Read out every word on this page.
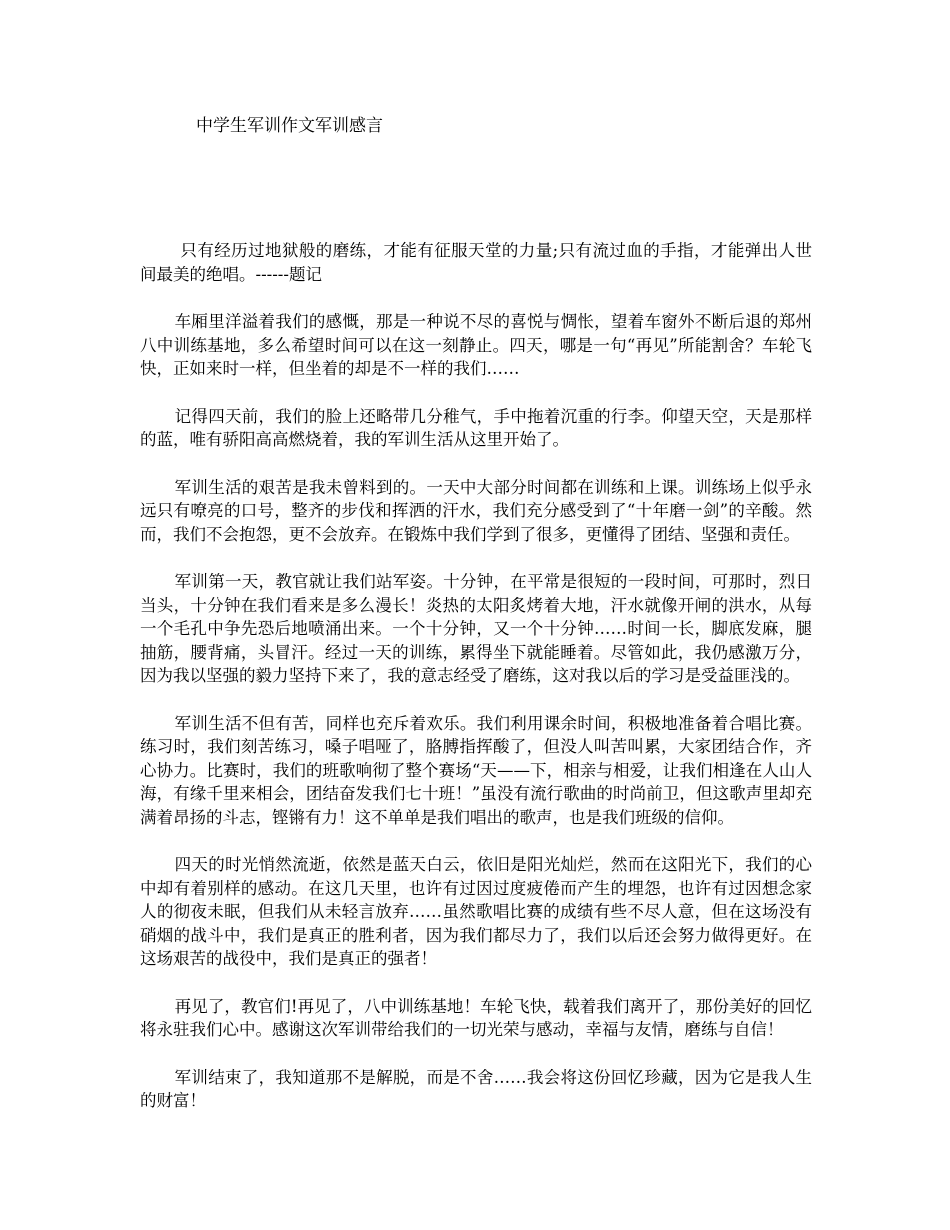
中学生军训作文军训感言

只有经历过地狱般的磨练，才能有征服天堂的力量;只有流过血的手指，才能弹出人世间最美的绝唱。------题记

车厢里洋溢着我们的感慨，那是一种说不尽的喜悦与惆怅，望着车窗外不断后退的郑州八中训练基地，多么希望时间可以在这一刻静止。四天，哪是一句“再见”所能割舍？车轮飞快，正如来时一样，但坐着的却是不一样的我们……

记得四天前，我们的脸上还略带几分稚气，手中拖着沉重的行李。仰望天空，天是那样的蓝，唯有骄阳高高燃烧着，我的军训生活从这里开始了。

军训生活的艰苦是我未曾料到的。一天中大部分时间都在训练和上课。训练场上似乎永远只有嘹亮的口号，整齐的步伐和挥洒的汗水，我们充分感受到了“十年磨一剑”的辛酸。然而，我们不会抱怨，更不会放弃。在锻炼中我们学到了很多，更懂得了团结、坚强和责任。

军训第一天，教官就让我们站军姿。十分钟，在平常是很短的一段时间，可那时，烈日当头，十分钟在我们看来是多么漫长！炎热的太阳炙烤着大地，汗水就像开闸的洪水，从每一个毛孔中争先恐后地喷涌出来。一个十分钟，又一个十分钟……时间一长，脚底发麻，腿抽筋，腰背痛，头冒汗。经过一天的训练，累得坐下就能睡着。尽管如此，我仍感激万分，因为我以坚强的毅力坚持下来了，我的意志经受了磨练，这对我以后的学习是受益匪浅的。

军训生活不但有苦，同样也充斥着欢乐。我们利用课余时间，积极地准备着合唱比赛。练习时，我们刻苦练习，嗓子唱哑了，胳膊指挥酸了，但没人叫苦叫累，大家团结合作，齐心协力。比赛时，我们的班歌响彻了整个赛场“天——下，相亲与相爱，让我们相逢在人山人海，有缘千里来相会，团结奋发我们七十班！”虽没有流行歌曲的时尚前卫，但这歌声里却充满着昂扬的斗志，铿锵有力！这不单单是我们唱出的歌声，也是我们班级的信仰。

四天的时光悄然流逝，依然是蓝天白云，依旧是阳光灿烂，然而在这阳光下，我们的心中却有着别样的感动。在这几天里，也许有过因过度疲倦而产生的埋怨，也许有过因想念家人的彻夜未眠，但我们从未轻言放弃……虽然歌唱比赛的成绩有些不尽人意，但在这场没有硝烟的战斗中，我们是真正的胜利者，因为我们都尽力了，我们以后还会努力做得更好。在这场艰苦的战役中，我们是真正的强者！

再见了，教官们!再见了，八中训练基地！车轮飞快，载着我们离开了，那份美好的回忆将永驻我们心中。感谢这次军训带给我们的一切光荣与感动，幸福与友情，磨练与自信！

军训结束了，我知道那不是解脱，而是不舍……我会将这份回忆珍藏，因为它是我人生的财富！
